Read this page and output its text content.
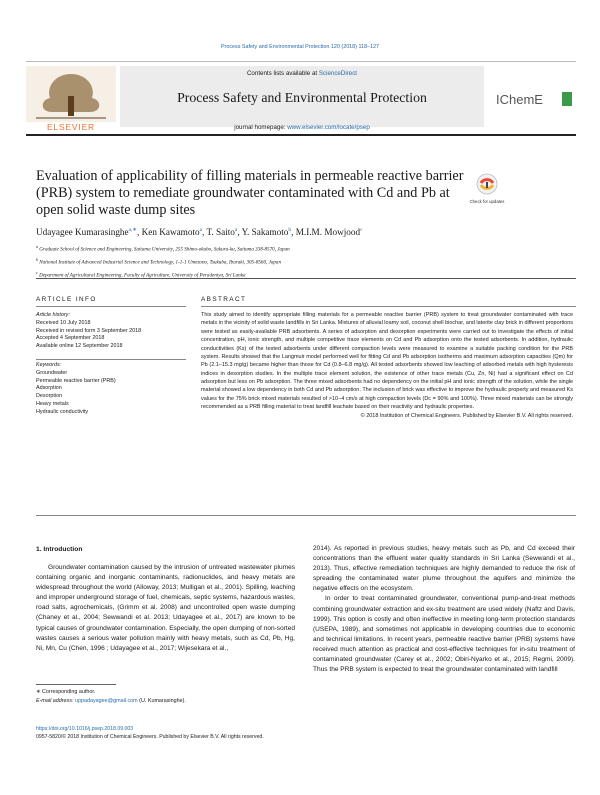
Process Safety and Environmental Protection 120 (2018) 118–127
Contents lists available at ScienceDirect
Process Safety and Environmental Protection
journal homepage: www.elsevier.com/locate/psep
ELSEVIER
IChemE
Evaluation of applicability of filling materials in permeable reactive barrier (PRB) system to remediate groundwater contaminated with Cd and Pb at open solid waste dump sites
Check for updates
Udayagee Kumarasinghe$^{a,∗}$, Ken Kawamoto$^a$, T. Saito$^a$, Y. Sakamoto$^b$, M.I.M. Mowjood$^c$
$^a$ Graduate School of Science and Engineering, Saitama University, 255 Shimo-okubo, Sakura-ku, Saitama 338-8570, Japan
$^b$ National Institute of Advanced Industrial Science and Technology, 1-1-1 Umezono, Tsukuba, Ibaraki, 305-8560, Japan
$^c$ Department of Agricultural Engineering, Faculty of Agriculture, University of Peradeniya, Sri Lanka
ARTICLE INFO	ABSTRACT
Article history:
Received 10 July 2018
Received in revised form 3 September 2018
Accepted 4 September 2018
Available online 12 September 2018
Keywords:
Groundwater
Permeable reactive barrier (PRB)
Adsorption
Desorption
Heavy metals
Hydraulic conductivity
This study aimed to identify appropriate filling materials for a permeable reactive barrier (PRB) system to treat groundwater contaminated with trace metals in the vicinity of solid waste landfills in Sri Lanka. Mixtures of alluvial loamy soil, coconut shell biochar, and laterite clay brick in different proportions were tested as easily-available PRB adsorbents. A series of adsorption and desorption experiments were carried out to investigate the effects of initial concentration, pH, ionic strength, and multiple competitive trace elements on Cd and Pb adsorption onto the tested adsorbents. In addition, hydraulic conductivities (Ks) of the tested adsorbents under different compaction levels were measured to examine a suitable packing condition for the PRB system. Results showed that the Langmuir model performed well for fitting Cd and Pb adsorption isotherms and maximum adsorption capacities (Qm) for Pb (2.1–15.3 mg/g) became higher than those for Cd (0.8–6.8 mg/g). All tested adsorbents showed low leaching of adsorbed metals with high hysteresis indices in desorption studies. In the multiple trace element solution, the existence of other trace metals (Cu, Zn, Ni) had a significant effect on Cd adsorption but less on Pb adsorption. The three mixed adsorbents had no dependency on the initial pH and ionic strength of the solution, while the single material showed a low dependency in both Cd and Pb adsorption. The inclusion of brick was effective to improve the hydraulic property and measured Ks values for the 75% brick mixed materials resulted of >10−4 cm/s at high compaction levels (Dc = 90% and 100%). Three mixed materials can be strongly recommended as a PRB filling material to treat landfill leachate based on their reactivity and hydraulic properties.
© 2018 Institution of Chemical Engineers. Published by Elsevier B.V. All rights reserved.
1. Introduction

Groundwater contamination caused by the intrusion of untreated wastewater plumes containing organic and inorganic contaminants, radionuclides, and heavy metals are widespread throughout the world (Alloway, 2013; Mulligan et al., 2001). Spilling, leaching and improper underground storage of fuel, chemicals, septic systems, hazardous wastes, road salts, agrochemicals, (Grimm et al. 2008) and uncontrolled open waste dumping (Chaney et al., 2004; Sewwandi et al. 2013; Udayagee et al., 2017) are known to be typical causes of groundwater contamination. Especially, the open dumping of non-sorted wastes causes a serious water pollution mainly with heavy metals, such as Cd, Pb, Hg, Ni, Mn, Cu (Chen, 1996 ; Udayagee et al., 2017; Wijesekara et al.,

2014). As reported in previous studies, heavy metals such as Pb, and Cd exceed their concentrations than the effluent water quality standards in Sri Lanka (Sewwandi et al., 2013). Thus, effective remediation techniques are highly demanded to reduce the risk of spreading the contaminated water plume throughout the aquifers and minimize the negative effects on the ecosystem.

In order to treat contaminated groundwater, conventional pump-and-treat methods combining groundwater extraction and ex-situ treatment are used widely (Naftz and Davis, 1999). This option is costly and often ineffective in meeting long-term protection standards (USEPA, 1989), and sometimes not applicable in developing countries due to economic and technical limitations. In recent years, permeable reactive barrier (PRB) systems have received much attention as practical and cost-effective techniques for in-situ treatment of contaminated groundwater (Carey et al., 2002; Obiri-Nyarko et al., 2015; Regmi, 2009). Thus the PRB system is expected to treat the groundwater contaminated with landfill

∗ Corresponding author.
E-mail address: uppadayagee@gmail.com (U. Kumarasinghe).
https://doi.org/10.1016/j.psep.2018.09.003
0957-5820/© 2018 Institution of Chemical Engineers. Published by Elsevier B.V. All rights reserved.
